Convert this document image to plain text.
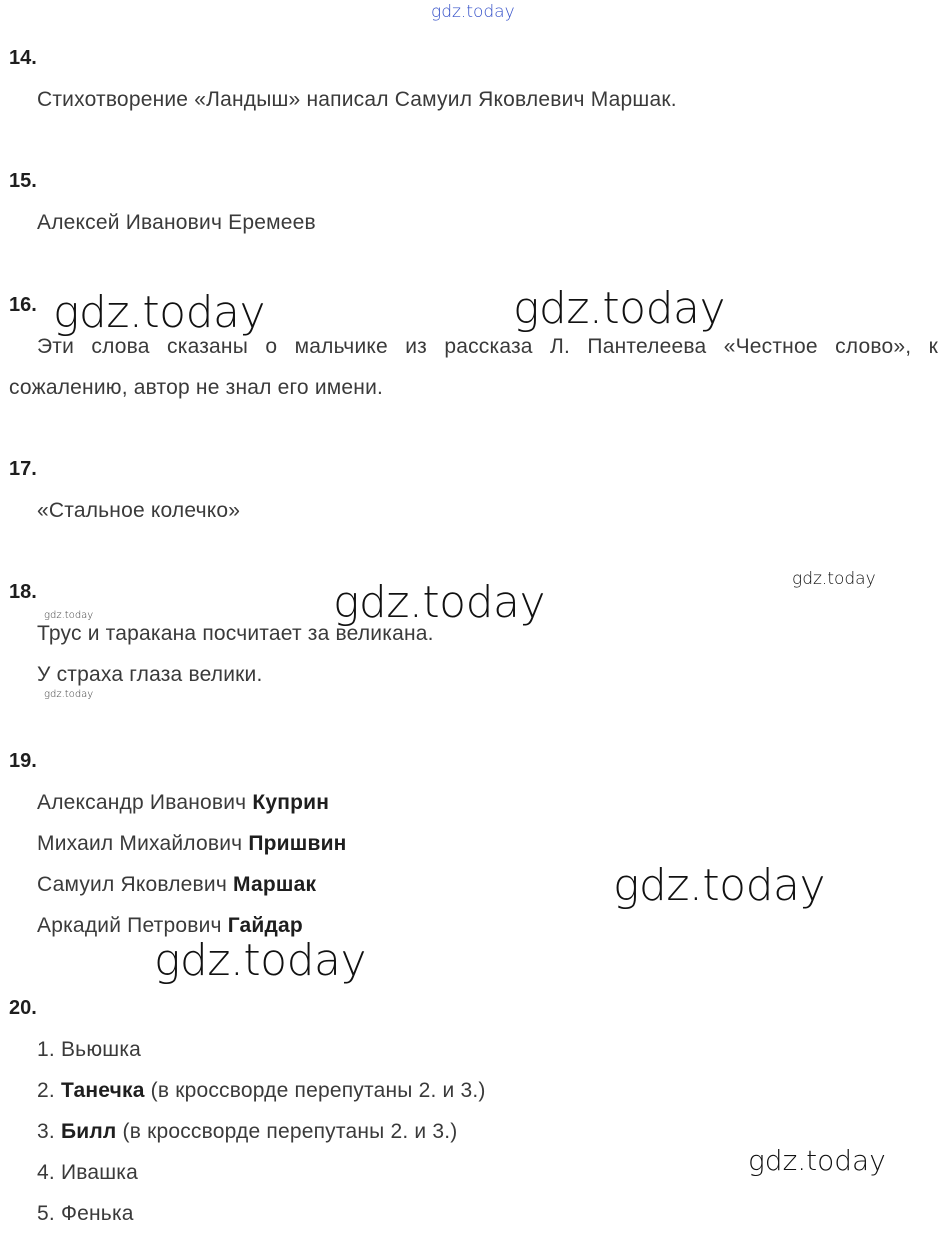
gdz.today
gdz.today	gdz.today
gdz.today
gdz.today
gdz.today
gdz.today
gdz.today
gdz.today
gdz.today
14.
Стихотворение «Ландыш» написал Самуил Яковлевич Маршак.
15.
Алексей Иванович Еремеев
16.
Эти слова сказаны о мальчике из рассказа Л. Пантелеева «Честное слово», к
сожалению, автор не знал его имени.
17.
«Стальное колечко»
18.
Трус и таракана посчитает за великана.
У страха глаза велики.
19.
Александр Иванович Куприн
Михаил Михайлович Пришвин
Самуил Яковлевич Маршак
Аркадий Петрович Гайдар
20.
1. Вьюшка
2. Танечка (в кроссворде перепутаны 2. и 3.)
3. Билл (в кроссворде перепутаны 2. и 3.)
4. Ивашка
5. Фенька
